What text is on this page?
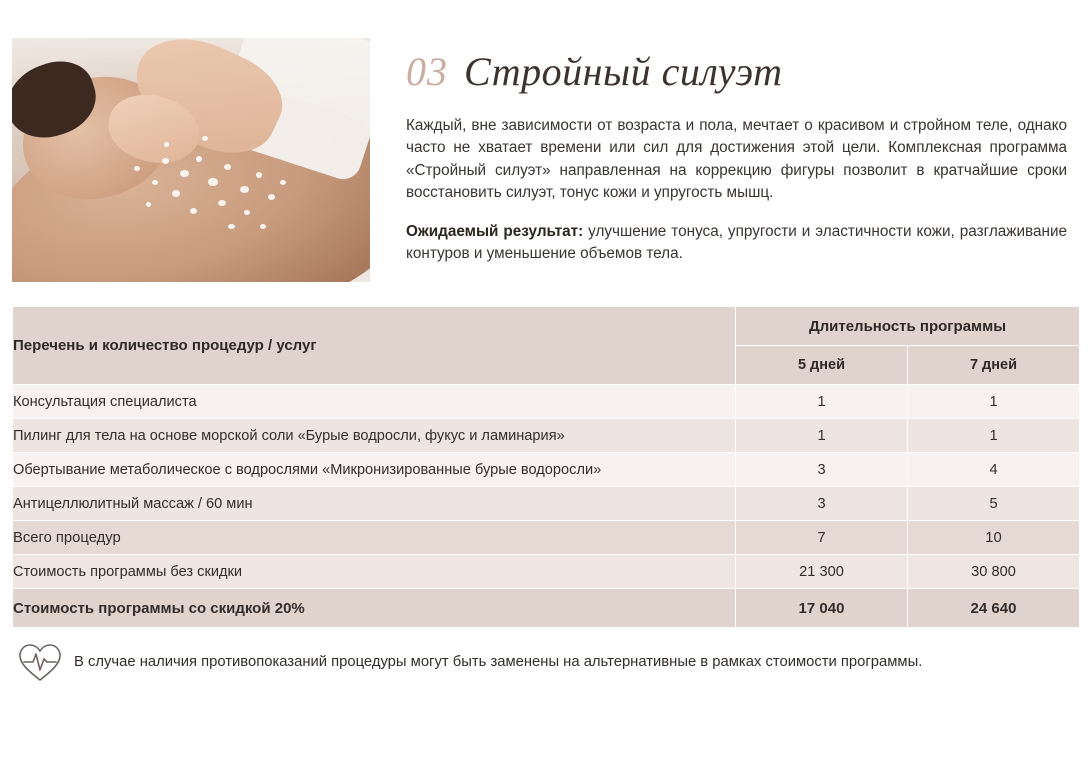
03 Стройный силуэт

Каждый, вне зависимости от возраста и пола, мечтает о красивом и стройном теле, однако часто не хватает времени или сил для достижения этой цели. Комплексная программа «Стройный силуэт» направленная на коррекцию фигуры позволит в кратчайшие сроки восстановить силуэт, тонус кожи и упругость мышц.

Ожидаемый результат: улучшение тонуса, упругости и эластичности кожи, разглаживание контуров и уменьшение объемов тела.

Перечень и количество процедур / услуг	Длительность программы	
	5 дней	7 дней
Консультация специалиста	1	1
Пилинг для тела на основе морской соли «Бурые водросли, фукус и ламинария»	1	1
Обертывание метаболическое с водрослями «Микронизированные бурые водоросли»	3	4
Антицеллюлитный массаж / 60 мин	3	5
Всего процедур	7	10
Стоимость программы без скидки	21 300	30 800
Стоимость программы со скидкой 20%	17 040	24 640
В случае наличия противопоказаний процедуры могут быть заменены на альтернативные в рамках стоимости программы.
